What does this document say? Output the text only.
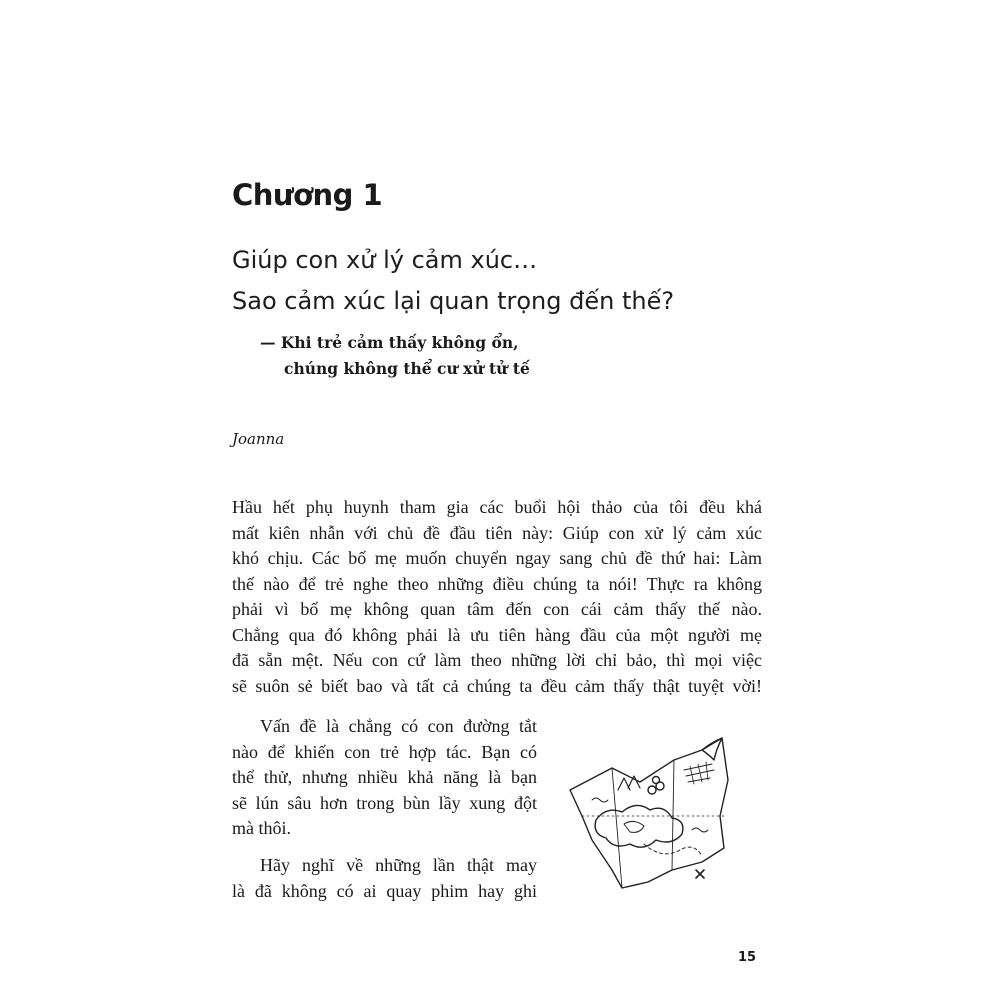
Chương 1
Giúp con xử lý cảm xúc…
Sao cảm xúc lại quan trọng đến thế?
— Khi trẻ cảm thấy không ổn,
chúng không thể cư xử tử tế
Joanna
Hầu hết phụ huynh tham gia các buổi hội thảo của tôi đều khá
mất kiên nhẫn với chủ đề đầu tiên này: Giúp con xử lý cảm xúc
khó chịu. Các bố mẹ muốn chuyển ngay sang chủ đề thứ hai: Làm
thế nào để trẻ nghe theo những điều chúng ta nói! Thực ra không
phải vì bố mẹ không quan tâm đến con cái cảm thấy thế nào.
Chẳng qua đó không phải là ưu tiên hàng đầu của một người mẹ
đã sẵn mệt. Nếu con cứ làm theo những lời chỉ bảo, thì mọi việc
sẽ suôn sẻ biết bao và tất cả chúng ta đều cảm thấy thật tuyệt vời!
Vấn đề là chẳng có con đường tắt
nào để khiến con trẻ hợp tác. Bạn có
thể thử, nhưng nhiều khả năng là bạn
sẽ lún sâu hơn trong bùn lầy xung đột
mà thôi.
Hãy nghĩ về những lần thật may
là đã không có ai quay phim hay ghi
15
